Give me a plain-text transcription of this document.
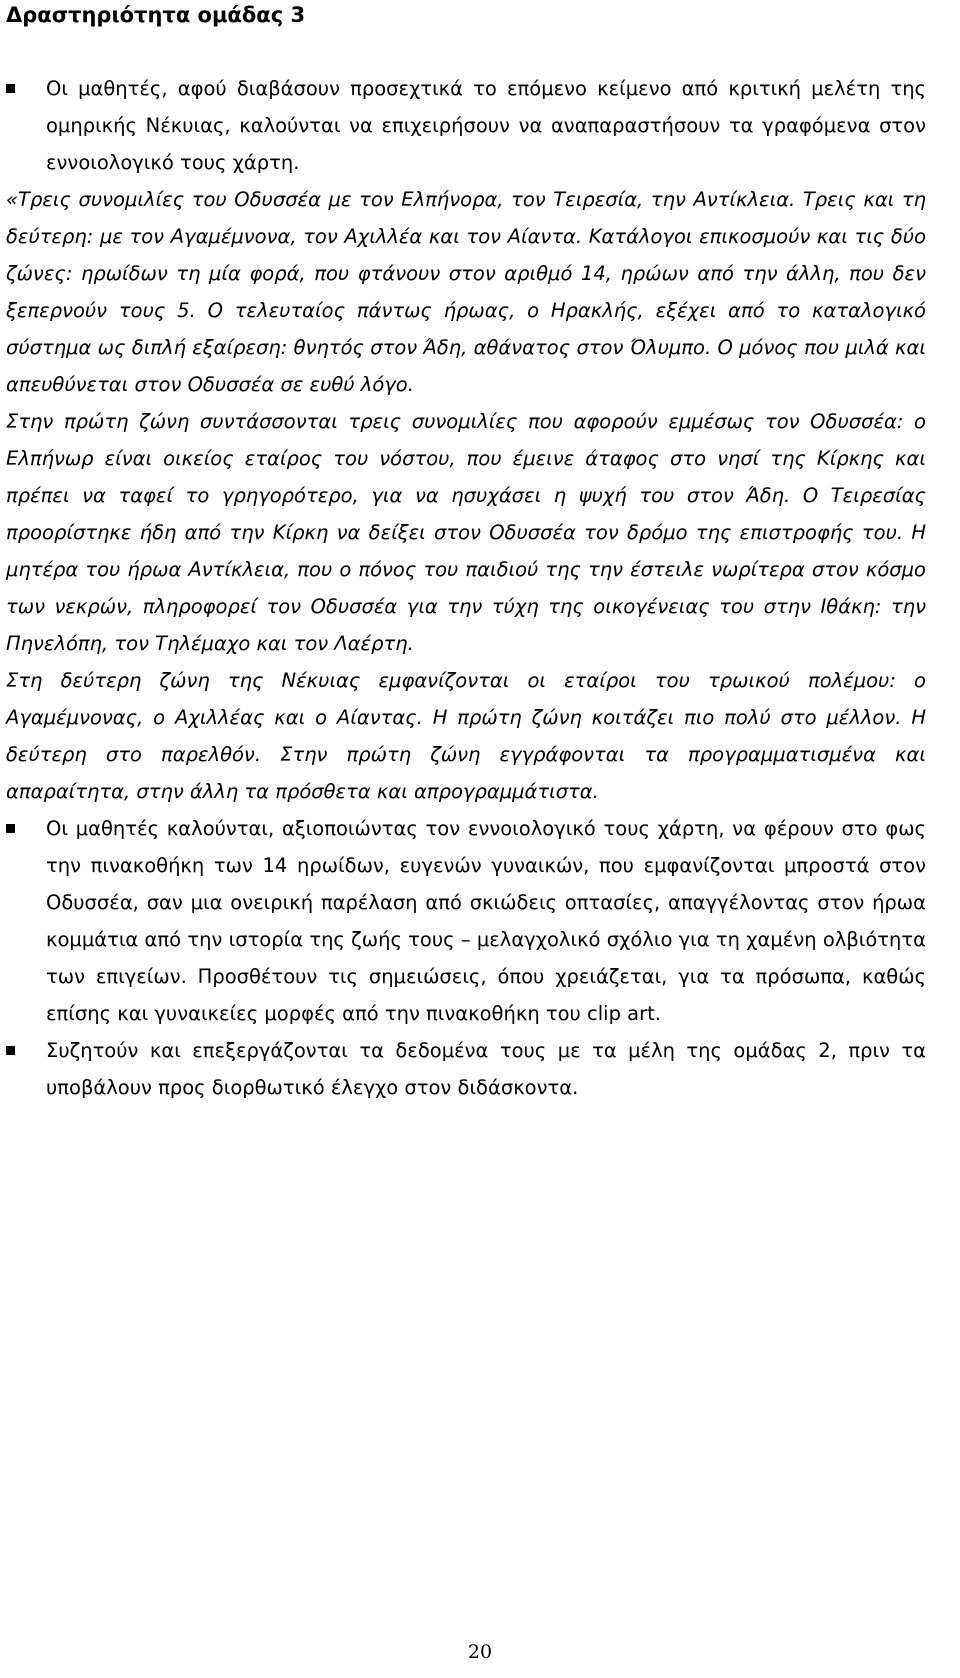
Δραστηριότητα ομάδας 3
Οι μαθητές, αφού διαβάσουν προσεχτικά το επόμενο κείμενο από κριτική μελέτη της ομηρικής Νέκυιας, καλούνται να επιχειρήσουν να αναπαραστήσουν τα γραφόμενα στον εννοιολογικό τους χάρτη.

«Τρεις συνομιλίες του Οδυσσέα με τον Ελπήνορα, τον Τειρεσία, την Αντίκλεια. Τρεις και τη δεύτερη: με τον Αγαμέμνονα, τον Αχιλλέα και τον Αίαντα. Κατάλογοι επικοσμούν και τις δύο ζώνες: ηρωίδων τη μία φορά, που φτάνουν στον αριθμό 14, ηρώων από την άλλη, που δεν ξεπερνούν τους 5. Ο τελευταίος πάντως ήρωας, ο Ηρακλής, εξέχει από το καταλογικό σύστημα ως διπλή εξαίρεση: θνητός στον Άδη, αθάνατος στον Όλυμπο. Ο μόνος που μιλά και απευθύνεται στον Οδυσσέα σε ευθύ λόγο.

Στην πρώτη ζώνη συντάσσονται τρεις συνομιλίες που αφορούν εμμέσως τον Οδυσσέα: ο Ελπήνωρ είναι οικείος εταίρος του νόστου, που έμεινε άταφος στο νησί της Κίρκης και πρέπει να ταφεί το γρηγορότερο, για να ησυχάσει η ψυχή του στον Άδη. Ο Τειρεσίας προορίστηκε ήδη από την Κίρκη να δείξει στον Οδυσσέα τον δρόμο της επιστροφής του. Η μητέρα του ήρωα Αντίκλεια, που ο πόνος του παιδιού της την έστειλε νωρίτερα στον κόσμο των νεκρών, πληροφορεί τον Οδυσσέα για την τύχη της οικογένειας του στην Ιθάκη: την Πηνελόπη, τον Τηλέμαχο και τον Λαέρτη.

Στη δεύτερη ζώνη της Νέκυιας εμφανίζονται οι εταίροι του τρωικού πολέμου: ο Αγαμέμνονας, ο Αχιλλέας και ο Αίαντας. Η πρώτη ζώνη κοιτάζει πιο πολύ στο μέλλον. Η δεύτερη στο παρελθόν. Στην πρώτη ζώνη εγγράφονται τα προγραμματισμένα και απαραίτητα, στην άλλη τα πρόσθετα και απρογραμμάτιστα.

Οι μαθητές καλούνται, αξιοποιώντας τον εννοιολογικό τους χάρτη, να φέρουν στο φως την πινακοθήκη των 14 ηρωίδων, ευγενών γυναικών, που εμφανίζονται μπροστά στον Οδυσσέα, σαν μια ονειρική παρέλαση από σκιώδεις οπτασίες, απαγγέλοντας στον ήρωα κομμάτια από την ιστορία της ζωής τους – μελαγχολικό σχόλιο για τη χαμένη ολβιότητα των επιγείων. Προσθέτουν τις σημειώσεις, όπου χρειάζεται, για τα πρόσωπα, καθώς επίσης και γυναικείες μορφές από την πινακοθήκη του clip art.
Συζητούν και επεξεργάζονται τα δεδομένα τους με τα μέλη της ομάδας 2, πριν τα υποβάλουν προς διορθωτικό έλεγχο στον διδάσκοντα.
20
